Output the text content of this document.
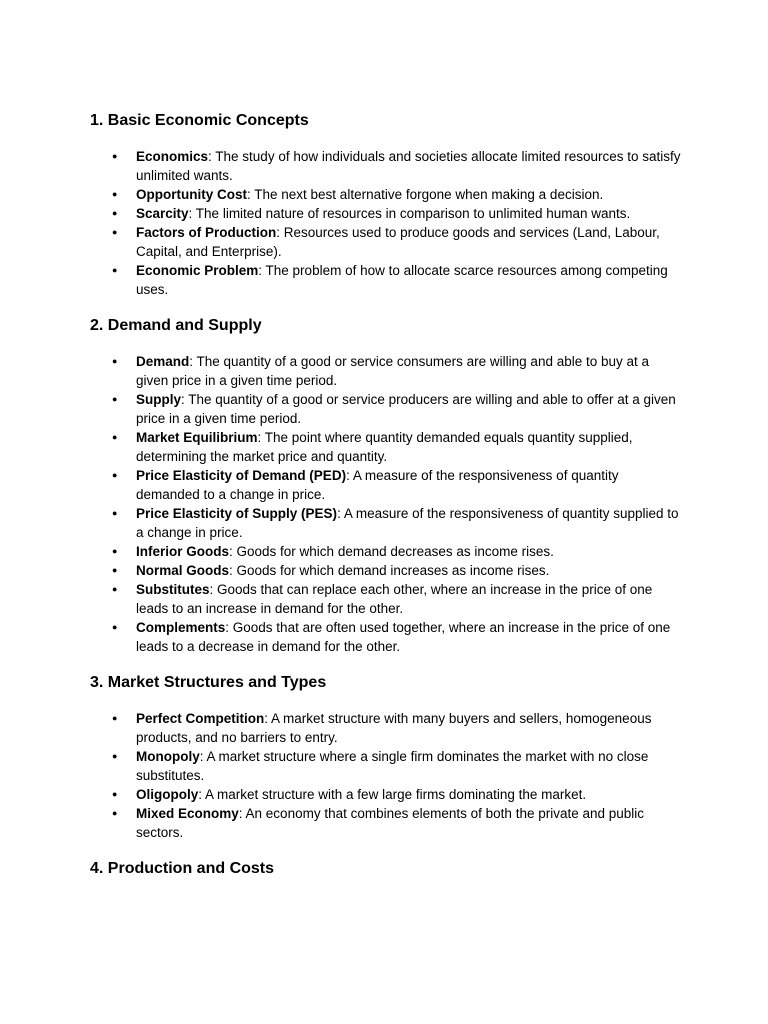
1. Basic Economic Concepts
● Economics: The study of how individuals and societies allocate limited resources to satisfy unlimited wants.
● Opportunity Cost: The next best alternative forgone when making a decision.
● Scarcity: The limited nature of resources in comparison to unlimited human wants.
● Factors of Production: Resources used to produce goods and services (Land, Labour, Capital, and Enterprise).
● Economic Problem: The problem of how to allocate scarce resources among competing uses.
2. Demand and Supply
● Demand: The quantity of a good or service consumers are willing and able to buy at a given price in a given time period.
● Supply: The quantity of a good or service producers are willing and able to offer at a given price in a given time period.
● Market Equilibrium: The point where quantity demanded equals quantity supplied, determining the market price and quantity.
● Price Elasticity of Demand (PED): A measure of the responsiveness of quantity demanded to a change in price.
● Price Elasticity of Supply (PES): A measure of the responsiveness of quantity supplied to a change in price.
● Inferior Goods: Goods for which demand decreases as income rises.
● Normal Goods: Goods for which demand increases as income rises.
● Substitutes: Goods that can replace each other, where an increase in the price of one leads to an increase in demand for the other.
● Complements: Goods that are often used together, where an increase in the price of one leads to a decrease in demand for the other.
3. Market Structures and Types
● Perfect Competition: A market structure with many buyers and sellers, homogeneous products, and no barriers to entry.
● Monopoly: A market structure where a single firm dominates the market with no close substitutes.
● Oligopoly: A market structure with a few large firms dominating the market.
● Mixed Economy: An economy that combines elements of both the private and public sectors.
4. Production and Costs
